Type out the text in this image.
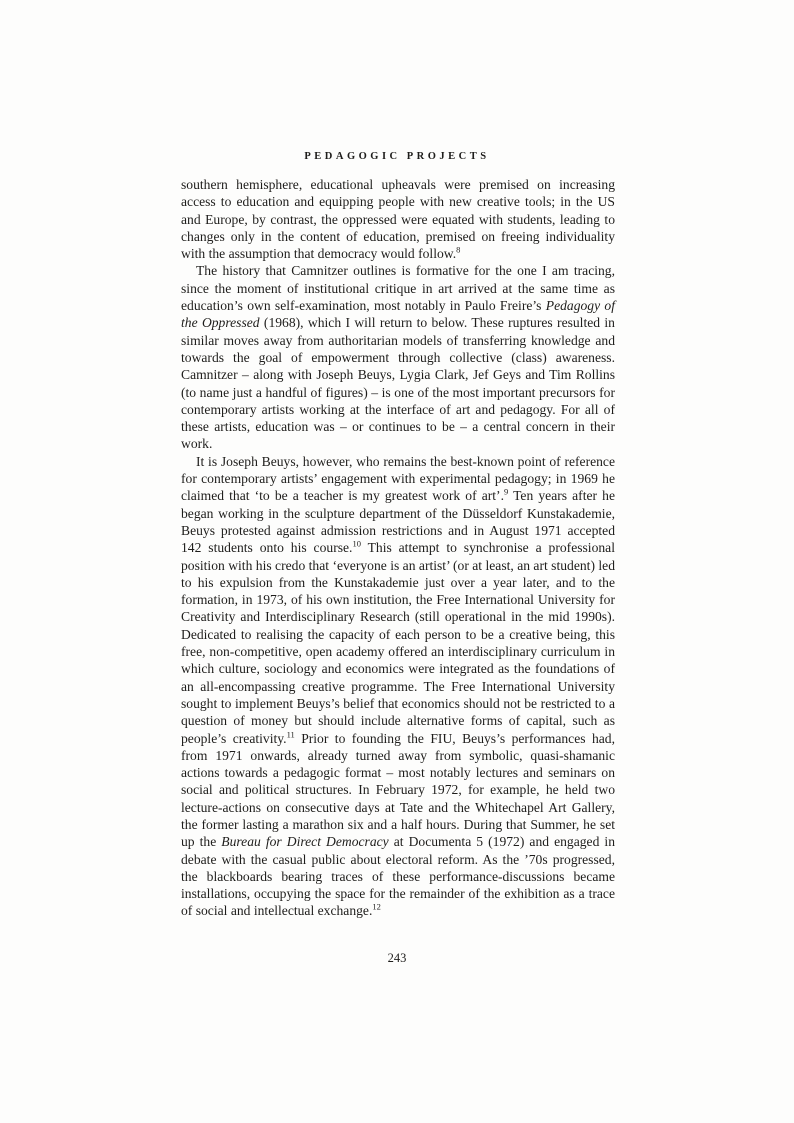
PEDAGOGIC PROJECTS

southern hemisphere, educational upheavals were premised on increasing access to education and equipping people with new creative tools; in the US and Europe, by contrast, the oppressed were equated with students, leading to changes only in the content of education, premised on freeing individuality with the assumption that democracy would follow.$^8$

The history that Camnitzer outlines is formative for the one I am tracing, since the moment of institutional critique in art arrived at the same time as education’s own self-examination, most notably in Paulo Freire’s Pedagogy of the Oppressed (1968), which I will return to below. These ruptures resulted in similar moves away from authoritarian models of transferring knowledge and towards the goal of empowerment through collective (class) awareness. Camnitzer – along with Joseph Beuys, Lygia Clark, Jef Geys and Tim Rollins (to name just a handful of figures) – is one of the most important precursors for contemporary artists working at the interface of art and pedagogy. For all of these artists, education was – or continues to be – a central concern in their work.

It is Joseph Beuys, however, who remains the best-known point of reference for contemporary artists’ engagement with experimental pedagogy; in 1969 he claimed that ‘to be a teacher is my greatest work of art’.$^9$ Ten years after he began working in the sculpture department of the Düsseldorf Kunstakademie, Beuys protested against admission restrictions and in August 1971 accepted 142 students onto his course.$^{10}$ This attempt to synchronise a professional position with his credo that ‘everyone is an artist’ (or at least, an art student) led to his expulsion from the Kunstakademie just over a year later, and to the formation, in 1973, of his own institution, the Free International University for Creativity and Interdisciplinary Research (still operational in the mid 1990s). Dedicated to realising the capacity of each person to be a creative being, this free, non-competitive, open academy offered an interdisciplinary curriculum in which culture, sociology and economics were integrated as the foundations of an all-encompassing creative programme. The Free International University sought to implement Beuys’s belief that economics should not be restricted to a question of money but should include alternative forms of capital, such as people’s creativity.$^{11}$ Prior to founding the FIU, Beuys’s performances had, from 1971 onwards, already turned away from symbolic, quasi-shamanic actions towards a pedagogic format – most notably lectures and seminars on social and political structures. In February 1972, for example, he held two lecture-actions on consecutive days at Tate and the Whitechapel Art Gallery, the former lasting a marathon six and a half hours. During that Summer, he set up the Bureau for Direct Democracy at Documenta 5 (1972) and engaged in debate with the casual public about electoral reform. As the ’70s progressed, the blackboards bearing traces of these performance-discussions became installations, occupying the space for the remainder of the exhibition as a trace of social and intellectual exchange.$^{12}$

243
